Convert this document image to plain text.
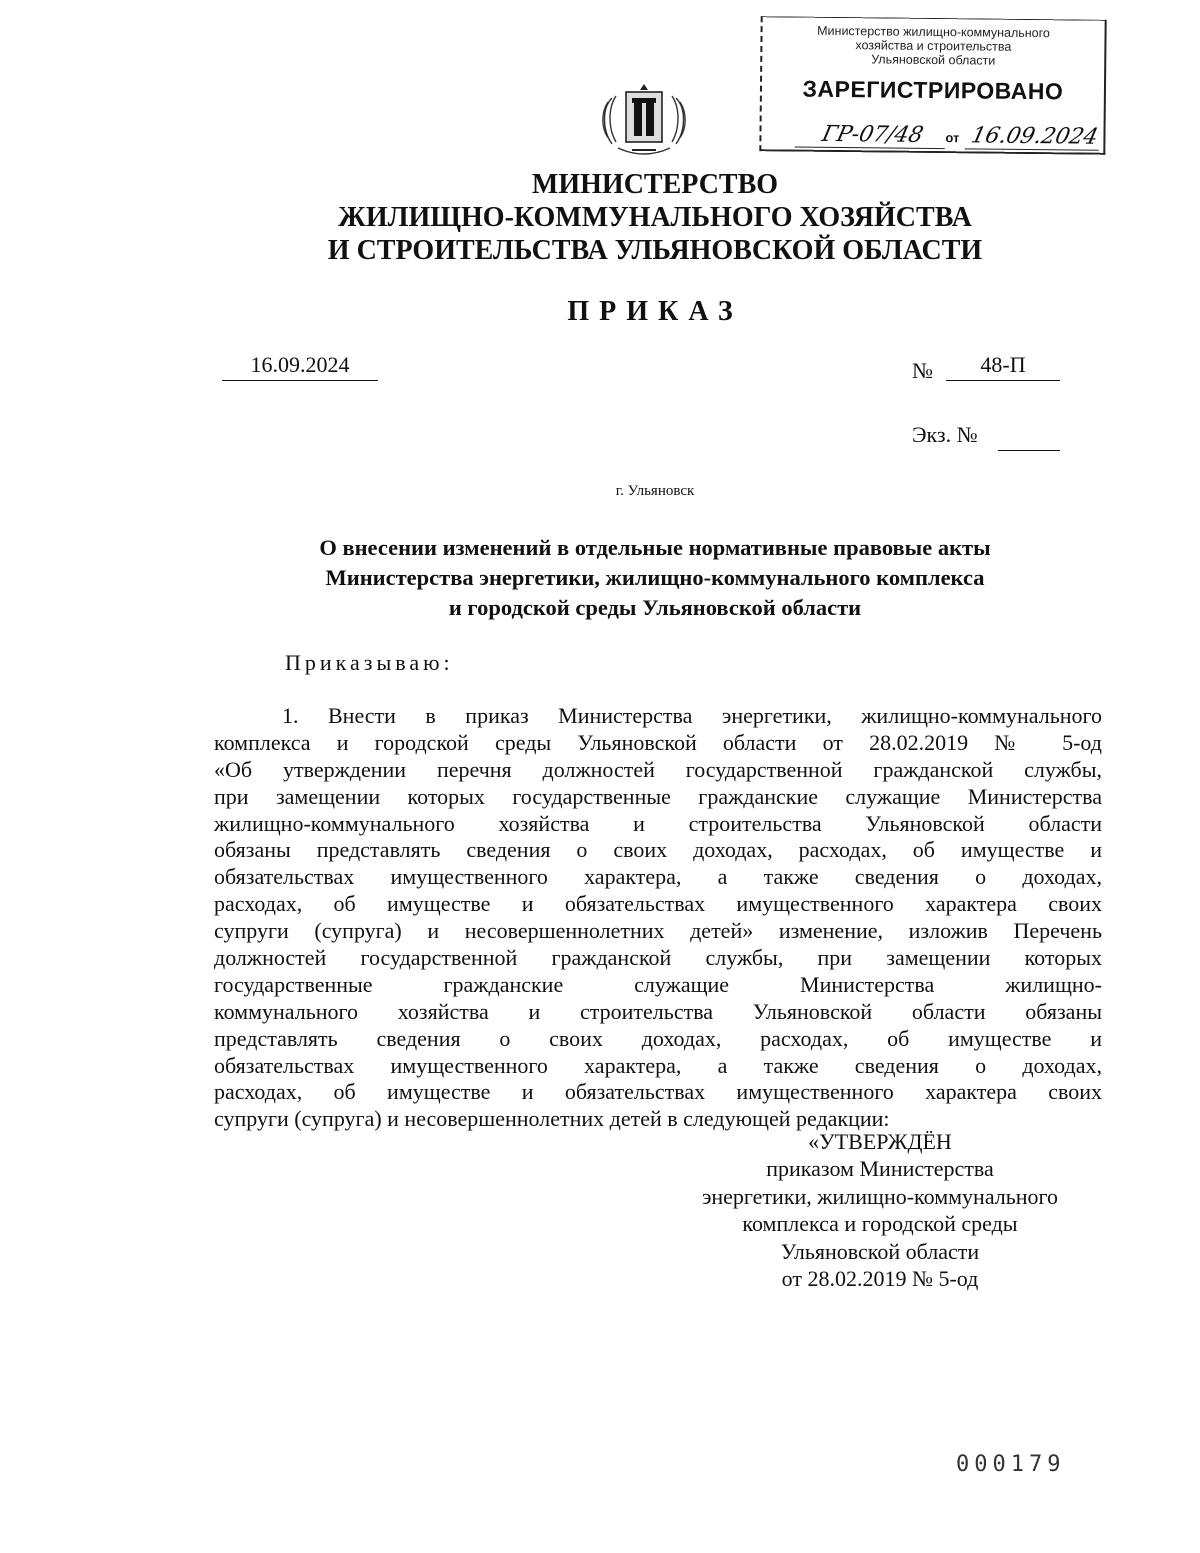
Министерство жилищно-коммунального
хозяйства и строительства
Ульяновской области
ЗАРЕГИСТРИРОВАНО
ГР-07/48	от 16.09.2024
МИНИСТЕРСТВО
ЖИЛИЩНО-КОММУНАЛЬНОГО ХОЗЯЙСТВА
И СТРОИТЕЛЬСТВА УЛЬЯНОВСКОЙ ОБЛАСТИ
ПРИКАЗ
16.09.2024	№	48-П
Экз. №
г. Ульяновск
О внесении изменений в отдельные нормативные правовые акты
Министерства энергетики, жилищно-коммунального комплекса
и городской среды Ульяновской области
Приказываю:
1. Внести в приказ Министерства энергетики, жилищно-коммунального
комплекса и городской среды Ульяновской области от 28.02.2019 № 5-од
«Об утверждении перечня должностей государственной гражданской службы,
при замещении которых государственные гражданские служащие Министерства
жилищно-коммунального хозяйства и строительства Ульяновской области
обязаны представлять сведения о своих доходах, расходах, об имуществе и
обязательствах имущественного характера, а также сведения о доходах,
расходах, об имуществе и обязательствах имущественного характера своих
супруги (супруга) и несовершеннолетних детей» изменение, изложив Перечень
должностей государственной гражданской службы, при замещении которых
государственные гражданские служащие Министерства жилищно-
коммунального хозяйства и строительства Ульяновской области обязаны
представлять сведения о своих доходах, расходах, об имуществе и
обязательствах имущественного характера, а также сведения о доходах,
расходах, об имуществе и обязательствах имущественного характера своих
супруги (супруга) и несовершеннолетних детей в следующей редакции:
«УТВЕРЖДЁН
приказом Министерства
энергетики, жилищно-коммунального
комплекса и городской среды
Ульяновской области
от 28.02.2019 № 5-од
000179
